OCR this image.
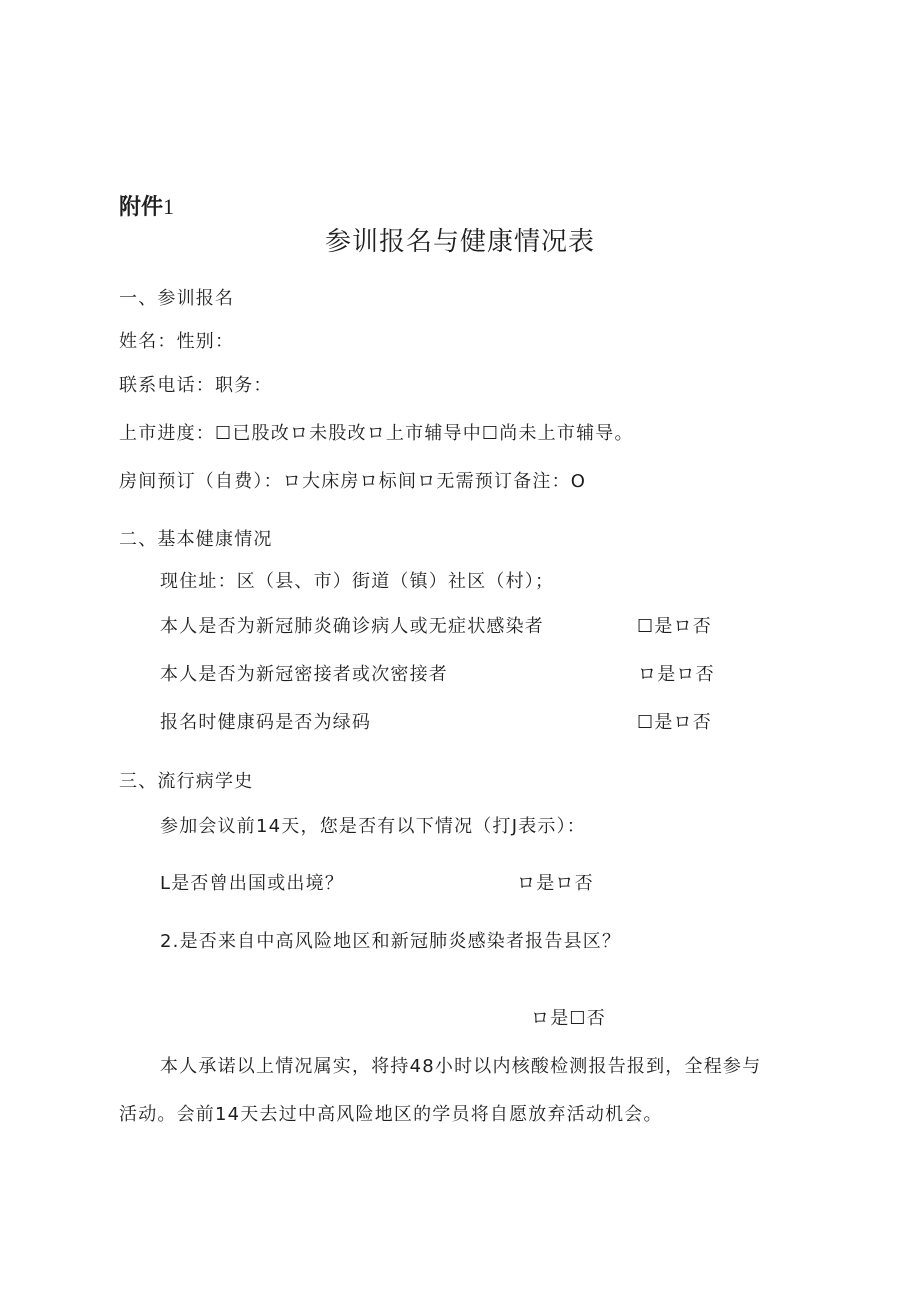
附件1
参训报名与健康情况表
一、参训报名
姓名：性别：
联系电话：职务：
上市进度：☐已股改ロ未股改ロ上市辅导中☐尚未上市辅导。
房间预订（自费）：ロ大床房ロ标间ロ无需预订备注：O
二、基本健康情况
现住址：区（县、市）街道（镇）社区（村）；
本人是否为新冠肺炎确诊病人或无症状感染者	☐是ロ否
本人是否为新冠密接者或次密接者	ロ是ロ否
报名时健康码是否为绿码	☐是ロ否
三、流行病学史
参加会议前14天，您是否有以下情况（打J表示）：
L是否曾出国或出境？	ロ是ロ否
2.是否来自中高风险地区和新冠肺炎感染者报告县区？
ロ是☐否
本人承诺以上情况属实，将持48小时以内核酸检测报告报到，全程参与
活动。会前14天去过中高风险地区的学员将自愿放弃活动机会。
